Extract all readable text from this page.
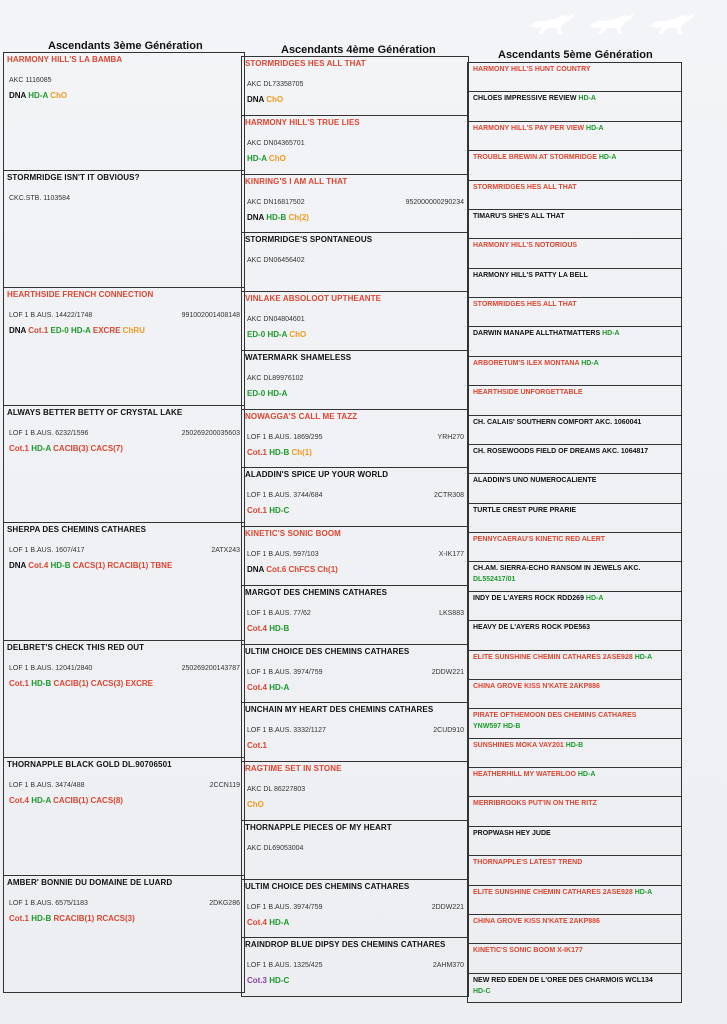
Ascendants 3ème Génération	Ascendants 4ème Génération	Ascendants 5ème Génération
HARMONY HILL'S LA BAMBA
AKC 1116085
DNA HD-A ChO
STORMRIDGE ISN'T IT OBVIOUS?
CKC.STB. 1103584
HEARTHSIDE FRENCH CONNECTION
LOF 1 B.AUS. 14422/1748	991002001408148
DNA Cot.1 ED-0 HD-A EXCRE ChRU
ALWAYS BETTER BETTY OF CRYSTAL LAKE
LOF 1 B.AUS. 6232/1596	250269200035603
Cot.1 HD-A CACIB(3) CACS(7)
SHERPA DES CHEMINS CATHARES
LOF 1 B.AUS. 1607/417	2ATX243
DNA Cot.4 HD-B CACS(1) RCACIB(1) TBNE
DELBRET'S CHECK THIS RED OUT
LOF 1 B.AUS. 12041/2840	250269200143787
Cot.1 HD-B CACIB(1) CACS(3) EXCRE
THORNAPPLE BLACK GOLD DL.90706501
LOF 1 B.AUS. 3474/488	2CCN119
Cot.4 HD-A CACIB(1) CACS(8)
AMBER' BONNIE DU DOMAINE DE LUARD
LOF 1 B.AUS. 6575/1183	2DKG286
Cot.1 HD-B RCACIB(1) RCACS(3)
STORMRIDGES HES ALL THAT
AKC DL73358705
DNA ChO
HARMONY HILL'S TRUE LIES
AKC DN04365701
HD-A ChO
KINRING'S I AM ALL THAT
AKC DN16817502	952000000290234
DNA HD-B Ch(2)
STORMRIDGE'S SPONTANEOUS
AKC DN06456402
VINLAKE ABSOLOOT UPTHEANTE
AKC DN04804601
ED-0 HD-A ChO
WATERMARK SHAMELESS
AKC DL89976102
ED-0 HD-A
NOWAGGA'S CALL ME TAZZ
LOF 1 B.AUS. 1869/295	YRH270
Cot.1 HD-B Ch(1)
ALADDIN'S SPICE UP YOUR WORLD
LOF 1 B.AUS. 3744/684	2CTR308
Cot.1 HD-C
KINETIC'S SONIC BOOM
LOF 1 B.AUS. 597/103	X-IK177
DNA Cot.6 ChFCS Ch(1)
MARGOT DES CHEMINS CATHARES
LOF 1 B.AUS. 77/62	LKS883
Cot.4 HD-B
ULTIM CHOICE DES CHEMINS CATHARES
LOF 1 B.AUS. 3974/759	2DDW221
Cot.4 HD-A
UNCHAIN MY HEART DES CHEMINS CATHARES
LOF 1 B.AUS. 3332/1127	2CUD910
Cot.1
RAGTIME SET IN STONE
AKC DL 86227803
ChO
THORNAPPLE PIECES OF MY HEART
AKC DL69053004
ULTIM CHOICE DES CHEMINS CATHARES
LOF 1 B.AUS. 3974/759	2DDW221
Cot.4 HD-A
RAINDROP BLUE DIPSY DES CHEMINS CATHARES
LOF 1 B.AUS. 1325/425	2AHM370
Cot.3 HD-C
HARMONY HILL'S HUNT COUNTRY
CHLOES IMPRESSIVE REVIEW HD-A
HARMONY HILL'S PAY PER VIEW HD-A
TROUBLE BREWIN AT STORMRIDGE HD-A
STORMRIDGES HES ALL THAT
TIMARU'S SHE'S ALL THAT
HARMONY HILL'S NOTORIOUS
HARMONY HILL'S PATTY LA BELL
STORMRIDGES HES ALL THAT
DARWIN MANAPE ALLTHATMATTERS HD-A
ARBORETUM'S ILEX MONTANA HD-A
HEARTHSIDE UNFORGETTABLE
CH. CALAIS' SOUTHERN COMFORT AKC. 1060041
CH. ROSEWOODS FIELD OF DREAMS AKC. 1064817
ALADDIN'S UNO NUMEROCALIENTE
TURTLE CREST PURE PRARIE
PENNYCAERAU'S KINETIC RED ALERT
CH.AM. SIERRA-ECHO RANSOM IN JEWELS AKC.
DL552417/01
INDY DE L'AYERS ROCK RDD269 HD-A
HEAVY DE L'AYERS ROCK PDE563
ELITE SUNSHINE CHEMIN CATHARES 2ASE928 HD-A
CHINA GROVE KISS N'KATE 2AKP886
PIRATE OFTHEMOON DES CHEMINS CATHARES
YNW597 HD-B
SUNSHINES MOKA VAY201 HD-B
HEATHERHILL MY WATERLOO HD-A
MERRIBROOKS PUT'IN ON THE RITZ
PROPWASH HEY JUDE
THORNAPPLE'S LATEST TREND
ELITE SUNSHINE CHEMIN CATHARES 2ASE928 HD-A
CHINA GROVE KISS N'KATE 2AKP886
KINETIC'S SONIC BOOM X-IK177
NEW RED EDEN DE L'OREE DES CHARMOIS WCL134
HD-C
